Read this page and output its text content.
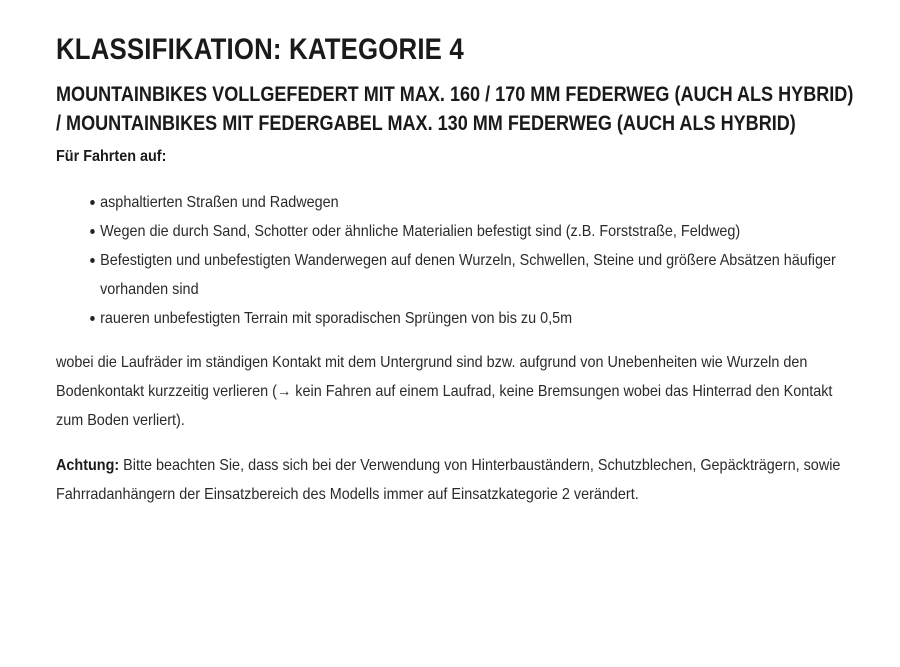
KLASSIFIKATION: KATEGORIE 4
MOUNTAINBIKES VOLLGEFEDERT MIT MAX. 160 / 170 MM FEDERWEG (AUCH ALS HYBRID) / MOUNTAINBIKES MIT FEDERGABEL MAX. 130 MM FEDERWEG (AUCH ALS HYBRID)
Für Fahrten auf:
asphaltierten Straßen und Radwegen
Wegen die durch Sand, Schotter oder ähnliche Materialien befestigt sind (z.B. Forststraße, Feldweg)
Befestigten und unbefestigten Wanderwegen auf denen Wurzeln, Schwellen, Steine und größere Absätzen häufiger vorhanden sind
raueren unbefestigten Terrain mit sporadischen Sprüngen von bis zu 0,5m

wobei die Laufräder im ständigen Kontakt mit dem Untergrund sind bzw. aufgrund von Unebenheiten wie Wurzeln den Bodenkontakt kurzzeitig verlieren (→ kein Fahren auf einem Laufrad, keine Bremsungen wobei das Hinterrad den Kontakt zum Boden verliert).

Achtung: Bitte beachten Sie, dass sich bei der Verwendung von Hinterbauständern, Schutzblechen, Gepäckträgern, sowie Fahrradanhängern der Einsatzbereich des Modells immer auf Einsatzkategorie 2 verändert.
